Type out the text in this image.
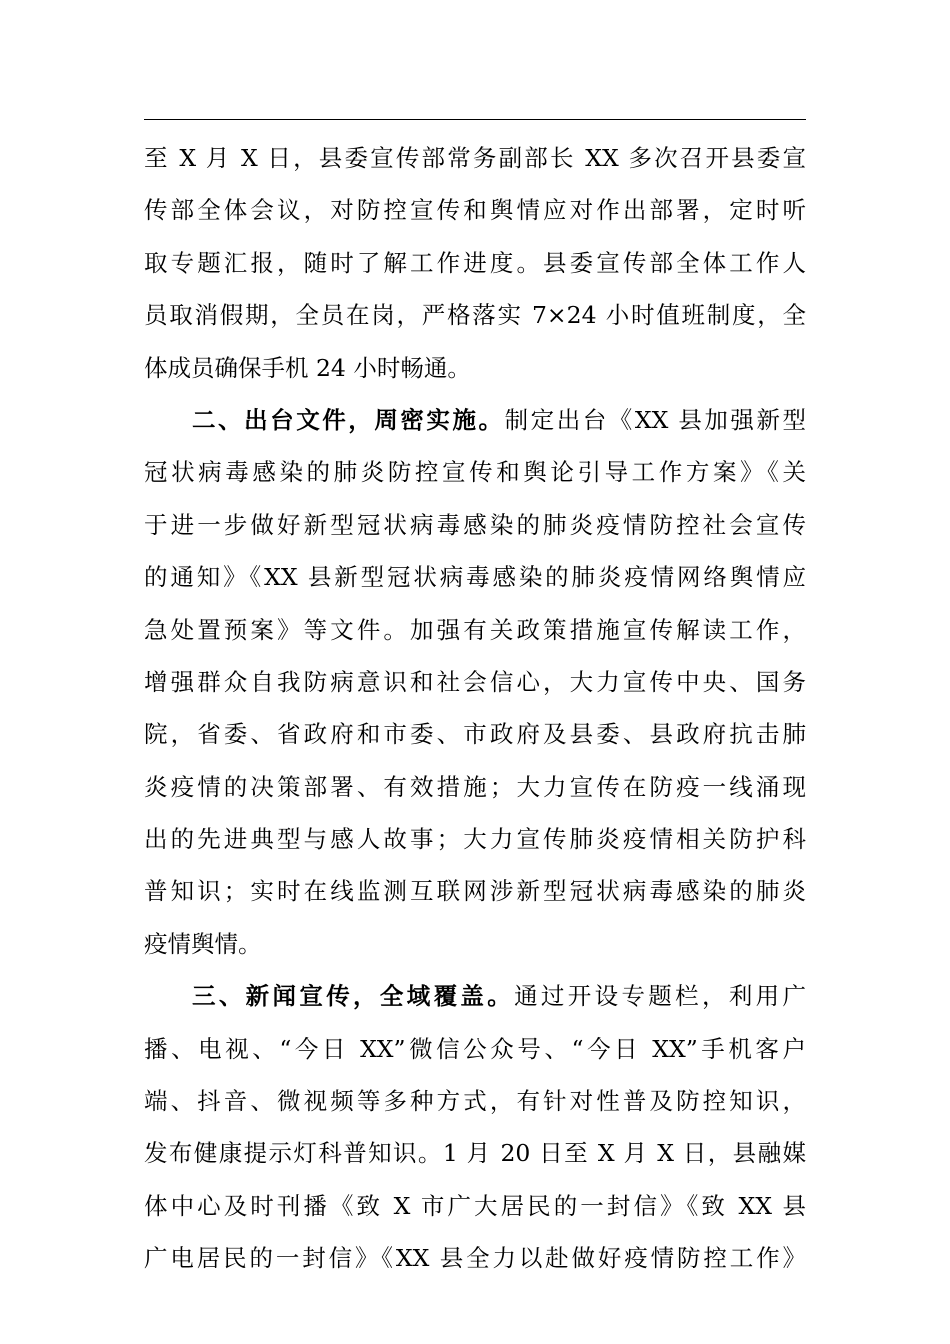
至 X 月 X 日，县委宣传部常务副部长 XX 多次召开县委宣
传部全体会议，对防控宣传和舆情应对作出部署，定时听
取专题汇报，随时了解工作进度。县委宣传部全体工作人
员取消假期，全员在岗，严格落实 7×24 小时值班制度，全
体成员确保手机 24 小时畅通。
二、出台文件，周密实施。制定出台《XX 县加强新型
冠状病毒感染的肺炎防控宣传和舆论引导工作方案》《关
于进一步做好新型冠状病毒感染的肺炎疫情防控社会宣传
的通知》《XX 县新型冠状病毒感染的肺炎疫情网络舆情应
急处置预案》等文件。加强有关政策措施宣传解读工作，
增强群众自我防病意识和社会信心，大力宣传中央、国务
院，省委、省政府和市委、市政府及县委、县政府抗击肺
炎疫情的决策部署、有效措施；大力宣传在防疫一线涌现
出的先进典型与感人故事；大力宣传肺炎疫情相关防护科
普知识；实时在线监测互联网涉新型冠状病毒感染的肺炎
疫情舆情。
三、新闻宣传，全域覆盖。通过开设专题栏，利用广
播、电视、“今日 XX”微信公众号、“今日 XX”手机客户
端、抖音、微视频等多种方式，有针对性普及防控知识，
发布健康提示灯科普知识。1 月 20 日至 X 月 X 日，县融媒
体中心及时刊播《致 X 市广大居民的一封信》《致 XX 县
广电居民的一封信》《XX 县全力以赴做好疫情防控工作》
